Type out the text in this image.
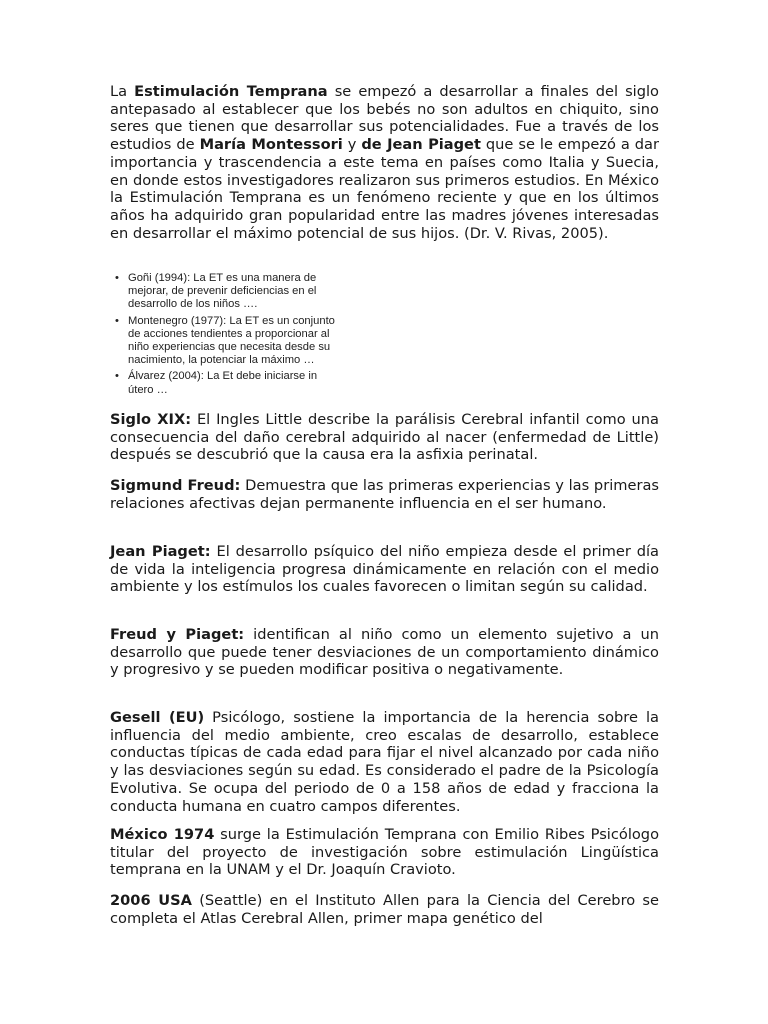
La Estimulación Temprana se empezó a desarrollar a finales del siglo antepasado al establecer que los bebés no son adultos en chiquito, sino seres que tienen que desarrollar sus potencialidades. Fue a través de los estudios de María Montessori y de Jean Piaget que se le empezó a dar importancia y trascendencia a este tema en países como Italia y Suecia, en donde estos investigadores realizaron sus primeros estudios. En México la Estimulación Temprana es un fenómeno reciente y que en los últimos años ha adquirido gran popularidad entre las madres jóvenes interesadas en desarrollar el máximo potencial de sus hijos. (Dr. V. Rivas, 2005).

• Goñi (1994): La ET es una manera de
mejorar, de prevenir deficiencias en el
desarrollo de los niños ….
• Montenegro (1977): La ET es un conjunto
de acciones tendientes a proporcionar al
niño experiencias que necesita desde su
nacimiento, la potenciar la máximo …
• Álvarez (2004): La Et debe iniciarse in
útero …

Siglo XIX: El Ingles Little describe la parálisis Cerebral infantil como una consecuencia del daño cerebral adquirido al nacer (enfermedad de Little) después se descubrió que la causa era la asfixia perinatal.

Sigmund Freud: Demuestra que las primeras experiencias y las primeras relaciones afectivas dejan permanente influencia en el ser humano.

Jean Piaget: El desarrollo psíquico del niño empieza desde el primer día de vida la inteligencia progresa dinámicamente en relación con el medio ambiente y los estímulos los cuales favorecen o limitan según su calidad.

Freud y Piaget: identifican al niño como un elemento sujetivo a un desarrollo que puede tener desviaciones de un comportamiento dinámico y progresivo y se pueden modificar positiva o negativamente.

Gesell (EU) Psicólogo, sostiene la importancia de la herencia sobre la influencia del medio ambiente, creo escalas de desarrollo, establece conductas típicas de cada edad para fijar el nivel alcanzado por cada niño y las desviaciones según su edad. Es considerado el padre de la Psicología Evolutiva. Se ocupa del periodo de 0 a 158 años de edad y fracciona la conducta humana en cuatro campos diferentes.

México 1974 surge la Estimulación Temprana con Emilio Ribes Psicólogo titular del proyecto de investigación sobre estimulación Lingüística temprana en la UNAM y el Dr. Joaquín Cravioto.

2006 USA (Seattle) en el Instituto Allen para la Ciencia del Cerebro se completa el Atlas Cerebral Allen, primer mapa genético del
